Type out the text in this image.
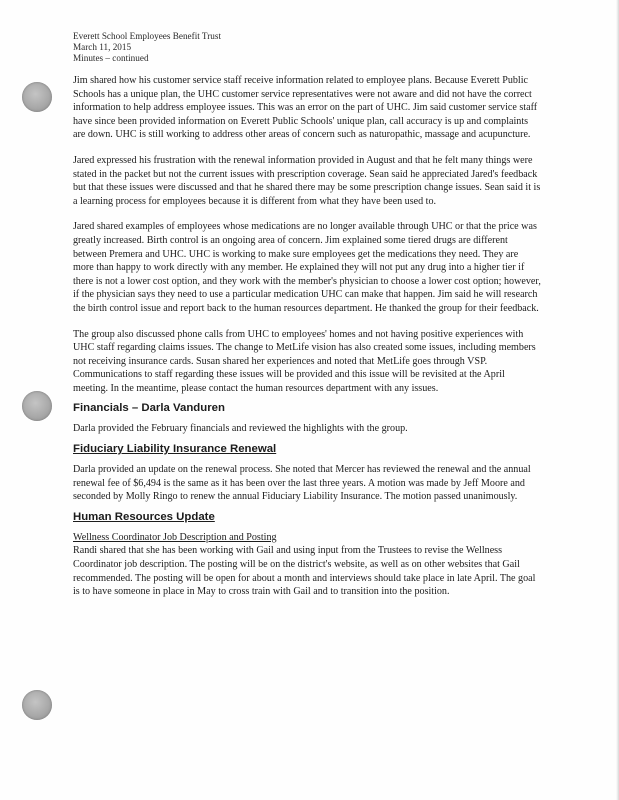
Everett School Employees Benefit Trust
March 11, 2015
Minutes – continued

Jim shared how his customer service staff receive information related to employee plans. Because Everett Public Schools has a unique plan, the UHC customer service representatives were not aware and did not have the correct information to help address employee issues. This was an error on the part of UHC. Jim said customer service staff have since been provided information on Everett Public Schools' unique plan, call accuracy is up and complaints are down. UHC is still working to address other areas of concern such as naturopathic, massage and acupuncture.

Jared expressed his frustration with the renewal information provided in August and that he felt many things were stated in the packet but not the current issues with prescription coverage. Sean said he appreciated Jared's feedback but that these issues were discussed and that he shared there may be some prescription change issues. Sean said it is a learning process for employees because it is different from what they have been used to.

Jared shared examples of employees whose medications are no longer available through UHC or that the price was greatly increased. Birth control is an ongoing area of concern. Jim explained some tiered drugs are different between Premera and UHC. UHC is working to make sure employees get the medications they need. They are more than happy to work directly with any member. He explained they will not put any drug into a higher tier if there is not a lower cost option, and they work with the member's physician to choose a lower cost option; however, if the physician says they need to use a particular medication UHC can make that happen. Jim said he will research the birth control issue and report back to the human resources department. He thanked the group for their feedback.

The group also discussed phone calls from UHC to employees' homes and not having positive experiences with UHC staff regarding claims issues. The change to MetLife vision has also created some issues, including members not receiving insurance cards. Susan shared her experiences and noted that MetLife goes through VSP. Communications to staff regarding these issues will be provided and this issue will be revisited at the April meeting. In the meantime, please contact the human resources department with any issues.

Financials – Darla Vanduren

Darla provided the February financials and reviewed the highlights with the group.

Fiduciary Liability Insurance Renewal

Darla provided an update on the renewal process. She noted that Mercer has reviewed the renewal and the annual renewal fee of $6,494 is the same as it has been over the last three years. A motion was made by Jeff Moore and seconded by Molly Ringo to renew the annual Fiduciary Liability Insurance. The motion passed unanimously.

Human Resources Update

Wellness Coordinator Job Description and Posting

Randi shared that she has been working with Gail and using input from the Trustees to revise the Wellness Coordinator job description. The posting will be on the district's website, as well as on other websites that Gail recommended. The posting will be open for about a month and interviews should take place in late April. The goal is to have someone in place in May to cross train with Gail and to transition into the position.
